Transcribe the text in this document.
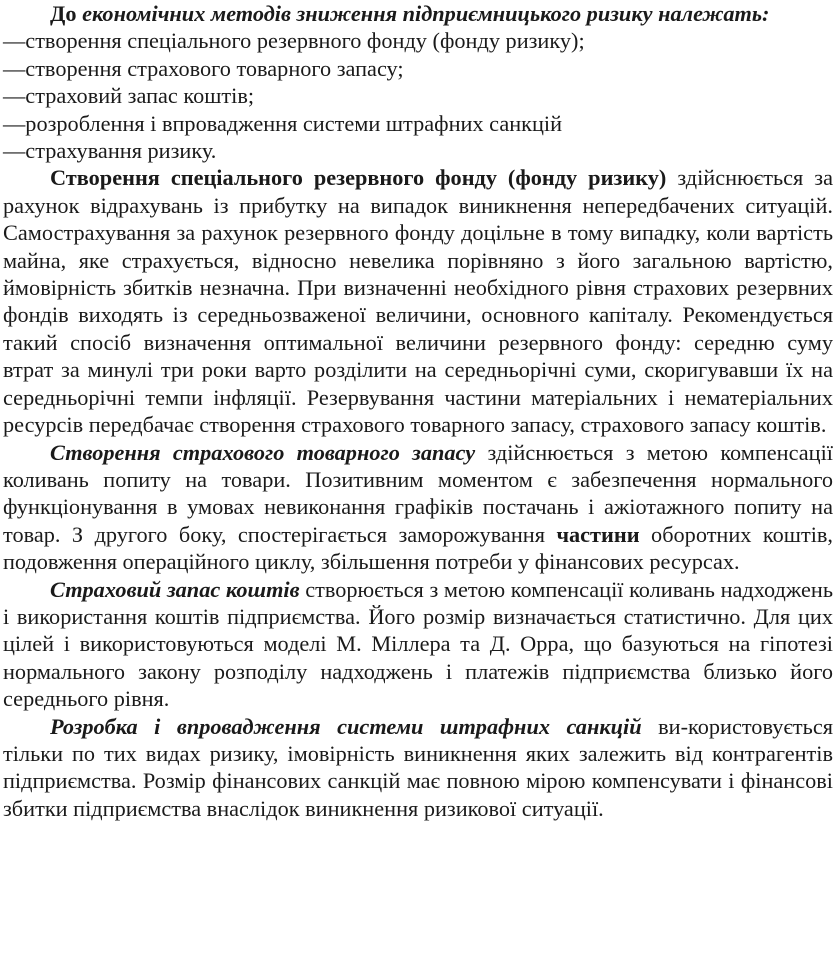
До економічних методів зниження підприємницького ризику належать:

—створення спеціального резервного фонду (фонду ризику);

—створення страхового товарного запасу;

—страховий запас коштів;

—розроблення і впровадження системи штрафних санкцій

—страхування ризику.

Створення спеціального резервного фонду (фонду ризику) здійснюється за рахунок відрахувань із прибутку на випадок виникнення непередбачених ситуацій. Самострахування за рахунок резервного фонду доцільне в тому випадку, коли вартість майна, яке страхується, відносно невелика порівняно з його загальною вартістю, ймовірність збитків незначна. При визначенні необхідного рівня страхових резервних фондів виходять із середньозваженої величини, основного капіталу. Рекомендується такий спосіб визначення оптимальної величини резервного фонду: середню суму втрат за минулі три роки варто розділити на середньорічні суми, скоригувавши їх на середньорічні темпи інфляції. Резервування частини матеріальних і нематеріальних ресурсів передбачає створення страхового товарного запасу, страхового запасу коштів.

Створення страхового товарного запасу здійснюється з метою компенсації коливань попиту на товари. Позитивним моментом є забезпечення нормального функціонування в умовах невиконання графіків постачань і ажіотажного попиту на товар. З другого боку, спостерігається заморожування частини оборотних коштів, подовження операційного циклу, збільшення потреби у фінансових ресурсах.

Страховий запас коштів створюється з метою компенсації коливань надходжень і використання коштів підприємства. Його розмір визначається статистично. Для цих цілей і використовуються моделі М. Міллера та Д. Орра, що базуються на гіпотезі нормального закону розподілу надходжень і платежів підприємства близько його середнього рівня.

Розробка і впровадження системи штрафних санкцій ви-користовується тільки по тих видах ризику, імовірність виникнення яких залежить від контрагентів підприємства. Розмір фінансових санкцій має повною мірою компенсувати і фінансові збитки підприємства внаслідок виникнення ризикової ситуації.
